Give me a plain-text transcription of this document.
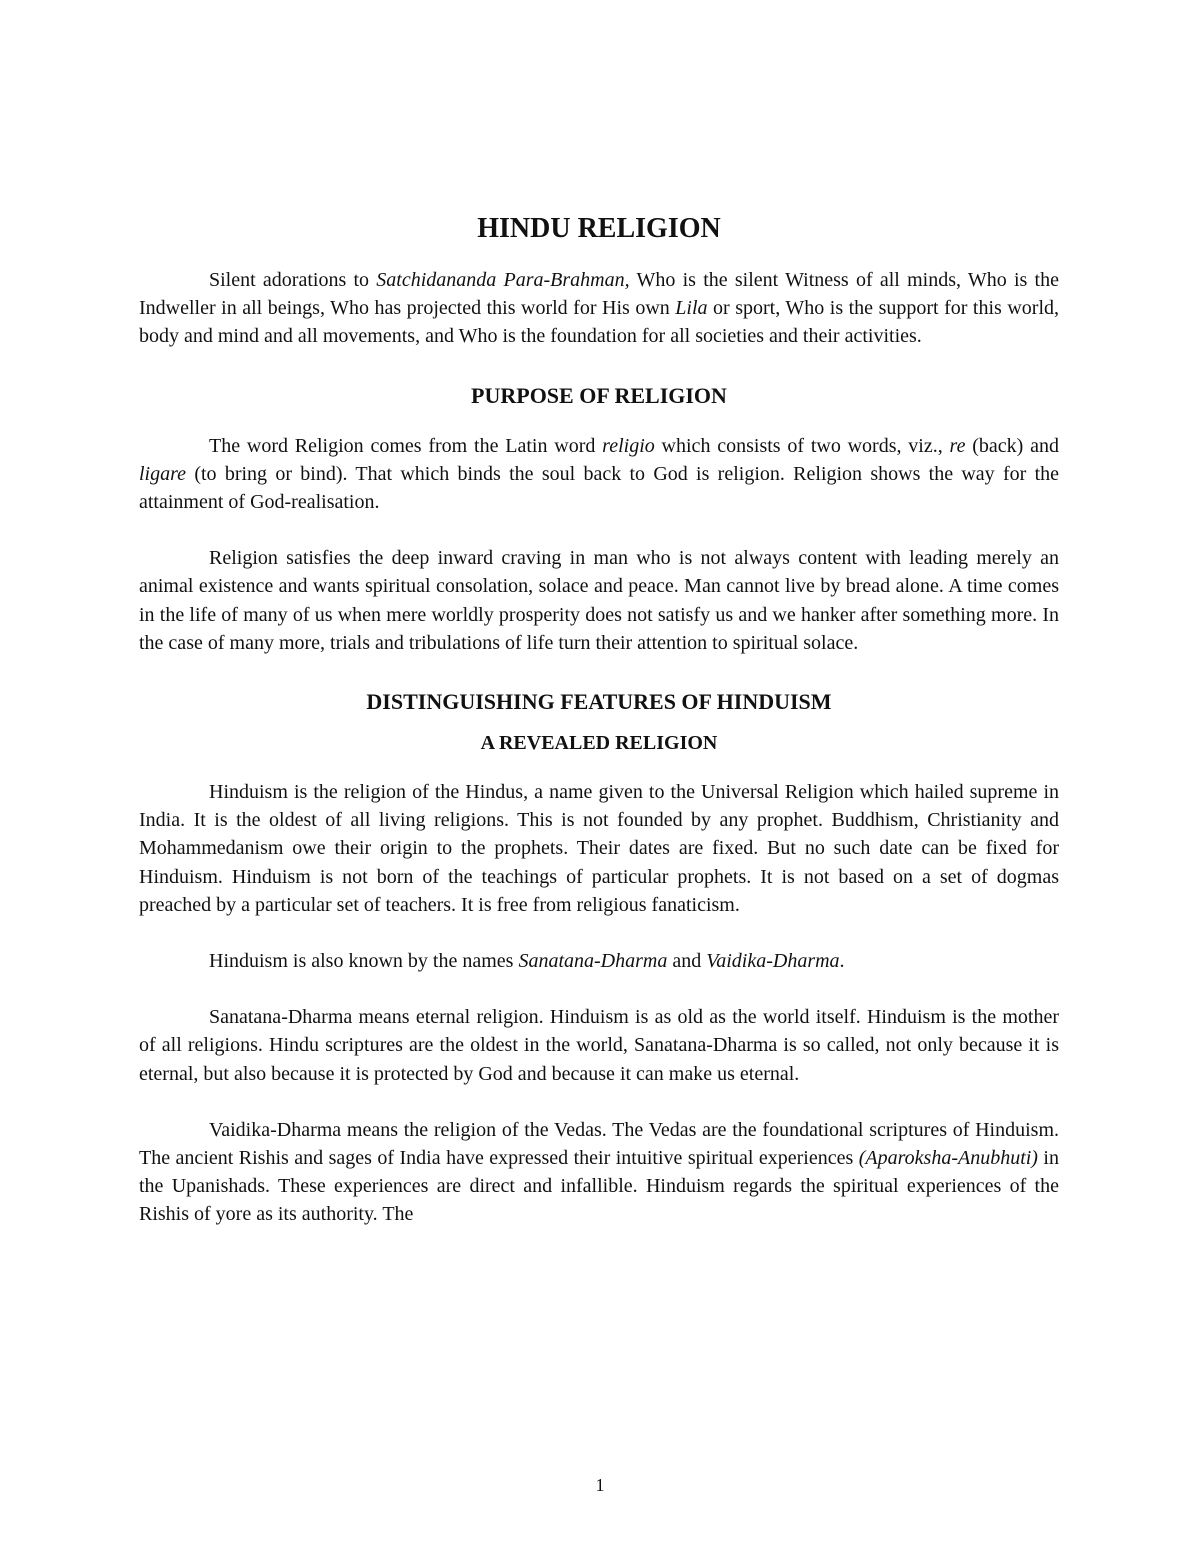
HINDU RELIGION

Silent adorations to Satchidananda Para-Brahman, Who is the silent Witness of all minds, Who is the Indweller in all beings, Who has projected this world for His own Lila or sport, Who is the support for this world, body and mind and all movements, and Who is the foundation for all societies and their activities.

PURPOSE OF RELIGION

The word Religion comes from the Latin word religio which consists of two words, viz., re (back) and ligare (to bring or bind). That which binds the soul back to God is religion. Religion shows the way for the attainment of God-realisation.

Religion satisfies the deep inward craving in man who is not always content with leading merely an animal existence and wants spiritual consolation, solace and peace. Man cannot live by bread alone. A time comes in the life of many of us when mere worldly prosperity does not satisfy us and we hanker after something more. In the case of many more, trials and tribulations of life turn their attention to spiritual solace.

DISTINGUISHING FEATURES OF HINDUISM
A REVEALED RELIGION

Hinduism is the religion of the Hindus, a name given to the Universal Religion which hailed supreme in India. It is the oldest of all living religions. This is not founded by any prophet. Buddhism, Christianity and Mohammedanism owe their origin to the prophets. Their dates are fixed. But no such date can be fixed for Hinduism. Hinduism is not born of the teachings of particular prophets. It is not based on a set of dogmas preached by a particular set of teachers. It is free from religious fanaticism.

Hinduism is also known by the names Sanatana-Dharma and Vaidika-Dharma.

Sanatana-Dharma means eternal religion. Hinduism is as old as the world itself. Hinduism is the mother of all religions. Hindu scriptures are the oldest in the world, Sanatana-Dharma is so called, not only because it is eternal, but also because it is protected by God and because it can make us eternal.

Vaidika-Dharma means the religion of the Vedas. The Vedas are the foundational scriptures of Hinduism. The ancient Rishis and sages of India have expressed their intuitive spiritual experiences (Aparoksha-Anubhuti) in the Upanishads. These experiences are direct and infallible. Hinduism regards the spiritual experiences of the Rishis of yore as its authority. The

1
